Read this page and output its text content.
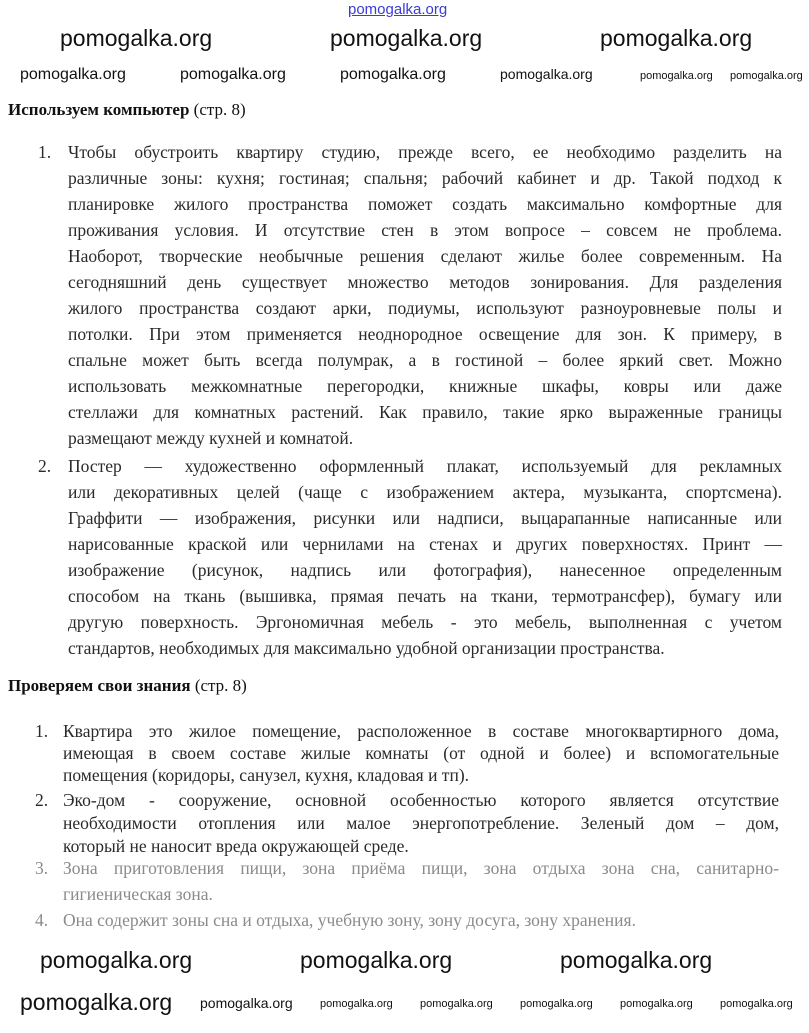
Используем компьютер (стр. 8)
1. Чтобы обустроить квартиру студию, прежде всего, ее необходимо разделить на
различные зоны: кухня; гостиная; спальня; рабочий кабинет и др. Такой подход к
планировке жилого пространства поможет создать максимально комфортные для
проживания условия. И отсутствие стен в этом вопросе – совсем не проблема.
Наоборот, творческие необычные решения сделают жилье более современным. На
сегодняшний день существует множество методов зонирования. Для разделения
жилого пространства создают арки, подиумы, используют разноуровневые полы и
потолки. При этом применяется неоднородное освещение для зон. К примеру, в
спальне может быть всегда полумрак, а в гостиной – более яркий свет. Можно
использовать межкомнатные перегородки, книжные шкафы, ковры или даже
стеллажи для комнатных растений. Как правило, такие ярко выраженные границы
размещают между кухней и комнатой.
2. Постер — художественно оформленный плакат, используемый для рекламных
или декоративных целей (чаще с изображением актера, музыканта, спортсмена).
Граффити — изображения, рисунки или надписи, выцарапанные написанные или
нарисованные краской или чернилами на стенах и других поверхностях. Принт —
изображение (рисунок, надпись или фотография), нанесенное определенным
способом на ткань (вышивка, прямая печать на ткани, термотрансфер), бумагу или
другую поверхность. Эргономичная мебель - это мебель, выполненная с учетом
стандартов, необходимых для максимально удобной организации пространства.
Проверяем свои знания (стр. 8)
1. Квартира это жилое помещение, расположенное в составе многоквартирного дома,
имеющая в своем составе жилые комнаты (от одной и более) и вспомогательные
помещения (коридоры, санузел, кухня, кладовая и тп).
2. Эко-дом - сооружение, основной особенностью которого является отсутствие
необходимости отопления или малое энергопотребление. Зеленый дом – дом,
который не наносит вреда окружающей среде.
3. Зона приготовления пищи, зона приёма пищи, зона отдыха зона сна, санитарно-
гигиеническая зона.
4. Она содержит зоны сна и отдыха, учебную зону, зону досуга, зону хранения.
pomogalka.org
pomogalka.org	pomogalka.org	pomogalka.org
pomogalka.org	pomogalka.org	pomogalka.org	pomogalka.org	pomogalka.org pomogalka.org
pomogalka.org	pomogalka.org	pomogalka.org
pomogalka.org pomogalka.org pomogalka.org pomogalka.org pomogalka.org pomogalka.org pomogalka.org
